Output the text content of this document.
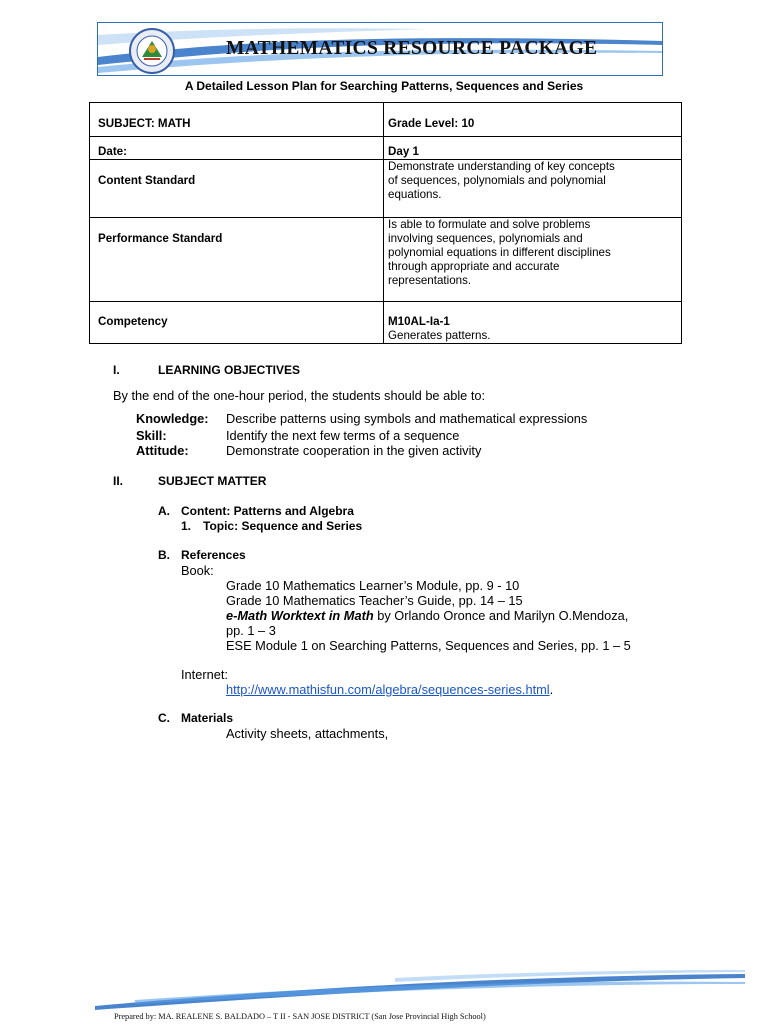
MATHEMATICS RESOURCE PACKAGE
A Detailed Lesson Plan for Searching Patterns, Sequences and Series
SUBJECT: MATH	Grade Level: 10
Date:	Day 1
Content Standard	Demonstrate understanding of key concepts
of sequences, polynomials and polynomial
equations.

Performance Standard	Is able to formulate and solve problems
involving sequences, polynomials and
polynomial equations in different disciplines
through appropriate and accurate
representations.

Competency	M10AL-Ia-1
Generates patterns.
I.	LEARNING OBJECTIVES
By the end of the one-hour period, the students should be able to:
Knowledge: Describe patterns using symbols and mathematical expressions
Skill:	Identify the next few terms of a sequence
Attitude:	Demonstrate cooperation in the given activity
II.	SUBJECT MATTER
A. Content: Patterns and Algebra
1. Topic: Sequence and Series
B. References
Book:
Grade 10 Mathematics Learner’s Module, pp. 9 - 10
Grade 10 Mathematics Teacher’s Guide, pp. 14 – 15
e-Math Worktext in Math by Orlando Oronce and Marilyn O.Mendoza,
pp. 1 – 3
ESE Module 1 on Searching Patterns, Sequences and Series, pp. 1 – 5
Internet:
http://www.mathisfun.com/algebra/sequences-series.html.
C. Materials
Activity sheets, attachments,
Prepared by: MA. REALENE S. BALDADO – T II - SAN JOSE DISTRICT (San Jose Provincial High School)
